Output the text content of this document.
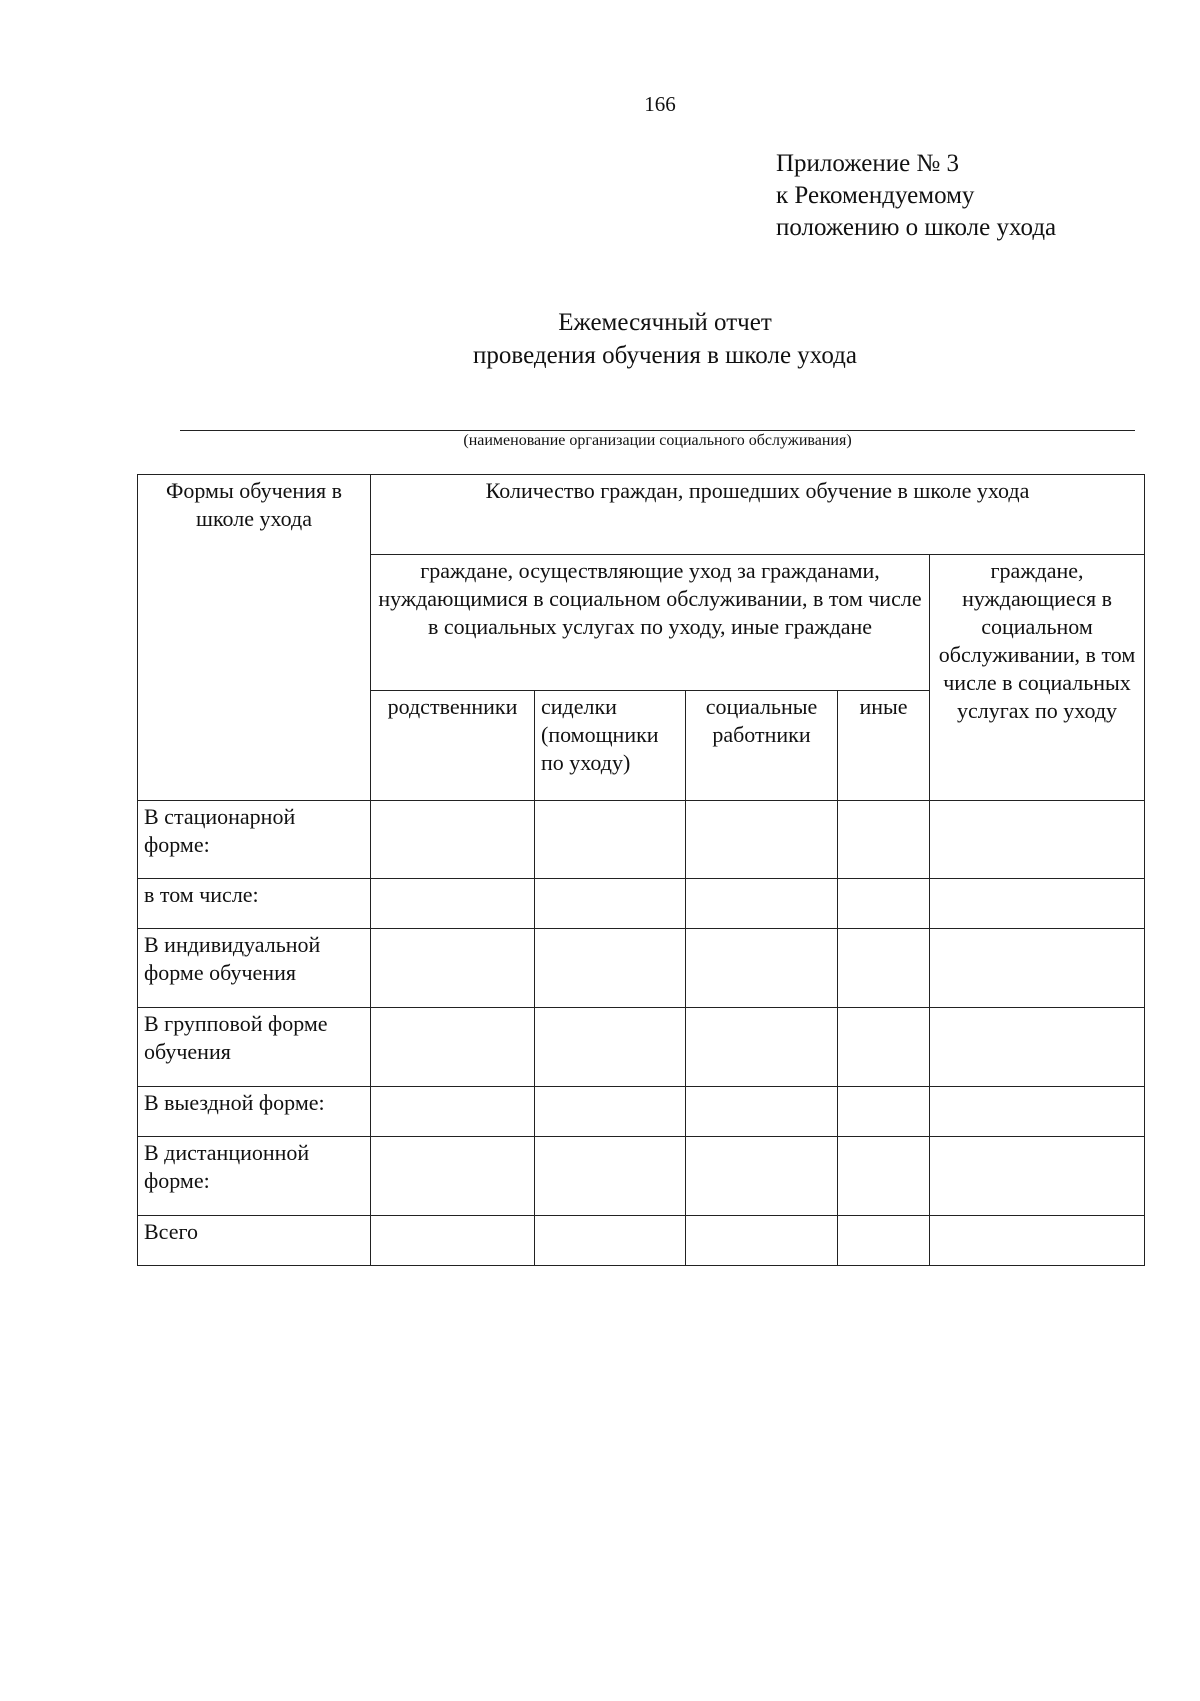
166
Приложение № 3
к Рекомендуемому
положению о школе ухода
Ежемесячный отчет
проведения обучения в школе ухода
(наименование организации социального обслуживания)
Формы обучения в школе ухода	Количество граждан, прошедших обучение в школе ухода				
	граждане, осуществляющие уход за гражданами, нуждающимися в социальном обслуживании, в том числе в социальных услугах по уходу, иные граждане				граждане, нуждающиеся в социальном обслуживании, в том числе в социальных услугах по уходу
	родственники	сиделки (помощники по уходу)	социальные работники	иные	
В стационарной форме:					
в том числе:					
В индивидуальной форме обучения					
В групповой форме обучения					
В выездной форме:					
В дистанционной форме:					
Всего					
